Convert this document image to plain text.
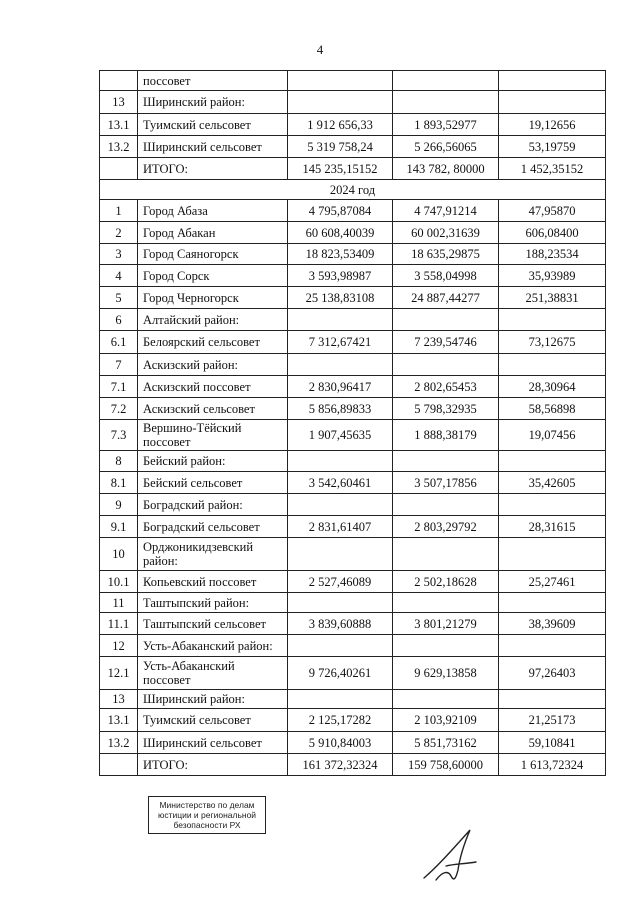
4
	поссовет			
13	Ширинский район:			
13.1	Туимский сельсовет	1 912 656,33	1 893,52977	19,12656
13.2	Ширинский сельсовет	5 319 758,24	5 266,56065	53,19759
	ИТОГО:	145 235,15152	143 782, 80000	1 452,35152
2024 год				
1	Город Абаза	4 795,87084	4 747,91214	47,95870
2	Город Абакан	60 608,40039	60 002,31639	606,08400
3	Город Саяногорск	18 823,53409	18 635,29875	188,23534
4	Город Сорск	3 593,98987	3 558,04998	35,93989
5	Город Черногорск	25 138,83108	24 887,44277	251,38831
6	Алтайский район:			
6.1	Белоярский сельсовет	7 312,67421	7 239,54746	73,12675
7	Аскизский район:			
7.1	Аскизский поссовет	2 830,96417	2 802,65453	28,30964
7.2	Аскизский сельсовет	5 856,89833	5 798,32935	58,56898
7.3	Вершино-Тёйский поссовет	1 907,45635	1 888,38179	19,07456
8	Бейский район:			
8.1	Бейский сельсовет	3 542,60461	3 507,17856	35,42605
9	Боградский район:			
9.1	Боградский сельсовет	2 831,61407	2 803,29792	28,31615
10	Орджоникидзевский район:			
10.1	Копьевский поссовет	2 527,46089	2 502,18628	25,27461
11	Таштыпский район:			
11.1	Таштыпский сельсовет	3 839,60888	3 801,21279	38,39609
12	Усть-Абаканский район:			
12.1	Усть-Абаканский поссовет	9 726,40261	9 629,13858	97,26403
13	Ширинский район:			
13.1	Туимский сельсовет	2 125,17282	2 103,92109	21,25173
13.2	Ширинский сельсовет	5 910,84003	5 851,73162	59,10841
	ИТОГО:	161 372,32324	159 758,60000	1 613,72324
Министерство по делам
юстиции и региональной
безопасности РХ
